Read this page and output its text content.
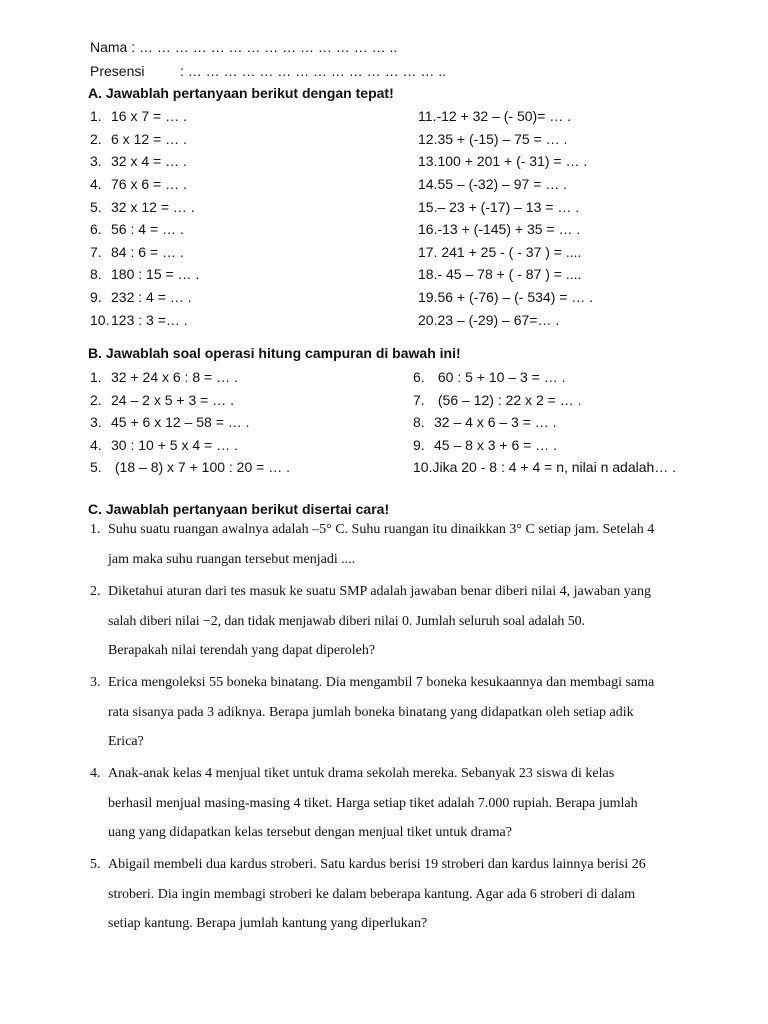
Nama : … … … … … … … … … … … … … … ..
Presensi	: … … … … … … … … … … … … … … ..
A. Jawablah pertanyaan berikut dengan tepat!
1. 16 x 7 = … .
2. 6 x 12 = … .
3. 32 x 4 = … .
4. 76 x 6 = … .
5. 32 x 12 = … .
6. 56 : 4 = … .
7. 84 : 6 = … .
8. 180 : 15 = … .
9. 232 : 4 = … .
10. 123 : 3 =… .
11.-12 + 32 – (- 50)= … .
12.35 + (-15) – 75 = … .
13.100 + 201 + (- 31) = … .
14.55 – (-32) – 97 = … .
15.– 23 + (-17) – 13 = … .
16.-13 + (-145) + 35 = … .
17. 241 + 25 - ( - 37 ) = ....
18.- 45 – 78 + ( - 87 ) = ....
19.56 + (-76) – (- 534) = … .
20.23 – (-29) – 67=… .
B. Jawablah soal operasi hitung campuran di bawah ini!
1. 32 + 24 x 6 : 8 = … .
2. 24 – 2 x 5 + 3 = … .
3. 45 + 6 x 12 – 58 = … .
4. 30 : 10 + 5 x 4 = … .
5. (18 – 8) x 7 + 100 : 20 = … .
6. 60 : 5 + 10 – 3 = … .
7. (56 – 12) : 22 x 2 = … .
8. 32 – 4 x 6 – 3 = … .
9. 45 – 8 x 3 + 6 = … .
10.Jika 20 - 8 : 4 + 4 = n, nilai n adalah… .
C. Jawablah pertanyaan berikut disertai cara!
1. Suhu suatu ruangan awalnya adalah –5° C. Suhu ruangan itu dinaikkan 3° C setiap jam. Setelah 4
jam maka suhu ruangan tersebut menjadi ....
2. Diketahui aturan dari tes masuk ke suatu SMP adalah jawaban benar diberi nilai 4, jawaban yang
salah diberi nilai −2, dan tidak menjawab diberi nilai 0. Jumlah seluruh soal adalah 50.
Berapakah nilai terendah yang dapat diperoleh?
3. Erica mengoleksi 55 boneka binatang. Dia mengambil 7 boneka kesukaannya dan membagi sama
rata sisanya pada 3 adiknya. Berapa jumlah boneka binatang yang didapatkan oleh setiap adik
Erica?
4. Anak-anak kelas 4 menjual tiket untuk drama sekolah mereka. Sebanyak 23 siswa di kelas
berhasil menjual masing-masing 4 tiket. Harga setiap tiket adalah 7.000 rupiah. Berapa jumlah
uang yang didapatkan kelas tersebut dengan menjual tiket untuk drama?
5. Abigail membeli dua kardus stroberi. Satu kardus berisi 19 stroberi dan kardus lainnya berisi 26
stroberi. Dia ingin membagi stroberi ke dalam beberapa kantung. Agar ada 6 stroberi di dalam
setiap kantung. Berapa jumlah kantung yang diperlukan?
